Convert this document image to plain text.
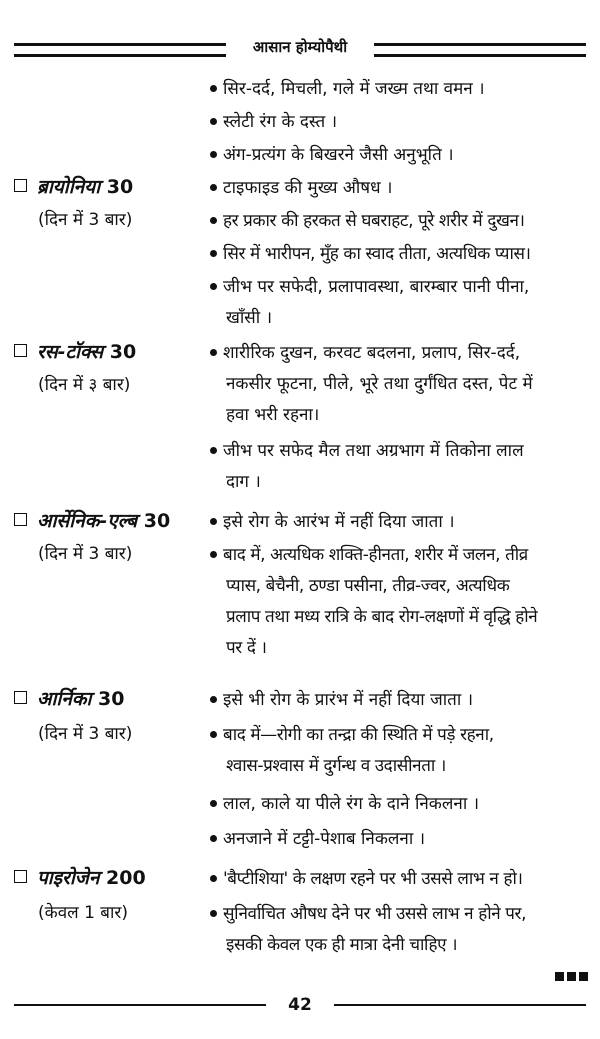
आसान होम्योपैथी
सिर-दर्द, मिचली, गले में जख्म तथा वमन ।
स्लेटी रंग के दस्त ।
अंग-प्रत्यंग के बिखरने जैसी अनुभूति ।
ब्रायोनिया 30
(दिन में 3 बार)
टाइफाइड की मुख्य औषध ।
हर प्रकार की हरकत से घबराहट, पूरे शरीर में दुखन।
सिर में भारीपन, मुँह का स्वाद तीता, अत्यधिक प्यास।
जीभ पर सफेदी, प्रलापावस्था, बारम्बार पानी पीना,
खाँसी ।
रस-टॉक्स 30
(दिन में ३ बार)
शारीरिक दुखन, करवट बदलना, प्रलाप, सिर-दर्द,
नकसीर फूटना, पीले, भूरे तथा दुर्गंधित दस्त, पेट में
हवा भरी रहना।
जीभ पर सफेद मैल तथा अग्रभाग में तिकोना लाल
दाग ।
आर्सेनिक-एल्ब 30
(दिन में 3 बार)
इसे रोग के आरंभ में नहीं दिया जाता ।
बाद में, अत्यधिक शक्ति-हीनता, शरीर में जलन, तीव्र
प्यास, बेचैनी, ठण्डा पसीना, तीव्र-ज्वर, अत्यधिक
प्रलाप तथा मध्य रात्रि के बाद रोग-लक्षणों में वृद्धि होने
पर दें ।
आर्निका 30
(दिन में 3 बार)
इसे भी रोग के प्रारंभ में नहीं दिया जाता ।
बाद में—रोगी का तन्द्रा की स्थिति में पड़े रहना,
श्वास-प्रश्वास में दुर्गन्ध व उदासीनता ।
लाल, काले या पीले रंग के दाने निकलना ।
अनजाने में टट्टी-पेशाब निकलना ।
पाइरोजेन 200
(केवल 1 बार)
'बैप्टीशिया' के लक्षण रहने पर भी उससे लाभ न हो।
सुनिर्वाचित औषध देने पर भी उससे लाभ न होने पर,
इसकी केवल एक ही मात्रा देनी चाहिए ।
42
